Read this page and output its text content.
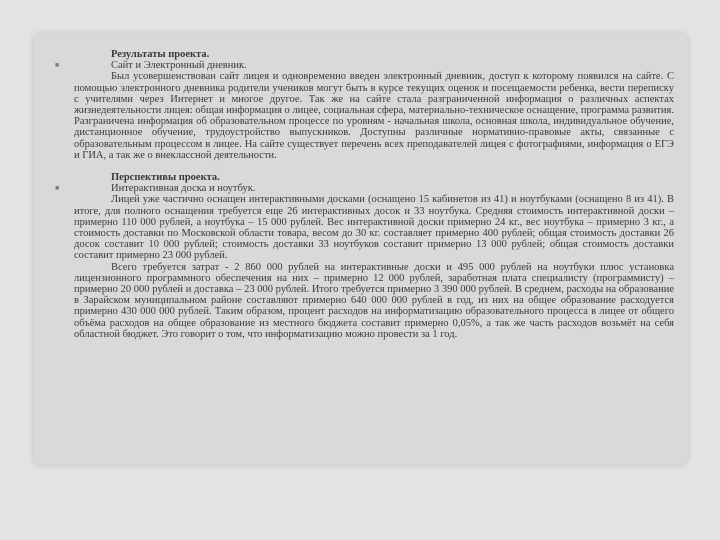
Результаты проекта.
■	Сайт и Электронный дневник.

Был усовершенствован сайт лицея и одновременно введен электронный дневник, доступ к которому появился на сайте. С помощью электронного дневника родители учеников могут быть в курсе текущих оценок и посещаемости ребенка, вести переписку с учителями через Интернет и многое другое. Так же на сайте стала разграниченной информация о различных аспектах жизнедеятельности лицея: общая информация о лицее, социальная сфера, материально-техническое оснащение, программа развития. Разграничена информация об образовательном процессе по уровням - начальная школа, основная школа, индивидуальное обучение, дистанционное обучение, трудоустройство выпускников. Доступны различные нормативно-правовые акты, связанные с образовательным процессом в лицее. На сайте существует перечень всех преподавателей лицея с фотографиями, информация о ЕГЭ и ГИА, а так же о внеклассной деятельности.

Перспективы проекта.
■	Интерактивная доска и ноутбук.

Лицей уже частично оснащен интерактивными досками (оснащено 15 кабинетов из 41) и ноутбуками (оснащено 8 из 41). В итоге, для полного оснащения требуется еще 26 интерактивных досок и 33 ноутбука. Средняя стоимость интерактивной доски – примерно 110 000 рублей, а ноутбука – 15 000 рублей. Вес интерактивной доски примерно 24 кг., вес ноутбука – примерно 3 кг., а стоимость доставки по Московской области товара, весом до 30 кг. составляет примерно 400 рублей; общая стоимость доставки 26 досок составит 10 000 рублей; стоимость доставки 33 ноутбуков составит примерно 13 000 рублей; общая стоимость доставки составит примерно 23 000 рублей.

Всего требуется затрат - 2 860 000 рублей на интерактивные доски и 495 000 рублей на ноутбуки плюс установка лицензионного программного обеспечения на них – примерно 12 000 рублей, заработная плата специалисту (программисту) – примерно 20 000 рублей и доставка – 23 000 рублей. Итого требуется примерно 3 390 000 рублей. В среднем, расходы на образование в Зарайском муниципальном районе составляют примерно 640 000 000 рублей в год, из них на общее образование расходуется примерно 430 000 000 рублей. Таким образом, процент расходов на информатизацию образовательного процесса в лицее от общего объёма расходов на общее образование из местного бюджета составит примерно 0,05%, а так же часть расходов возьмёт на себя областной бюджет. Это говорит о том, что информатизацию можно провести за 1 год.
